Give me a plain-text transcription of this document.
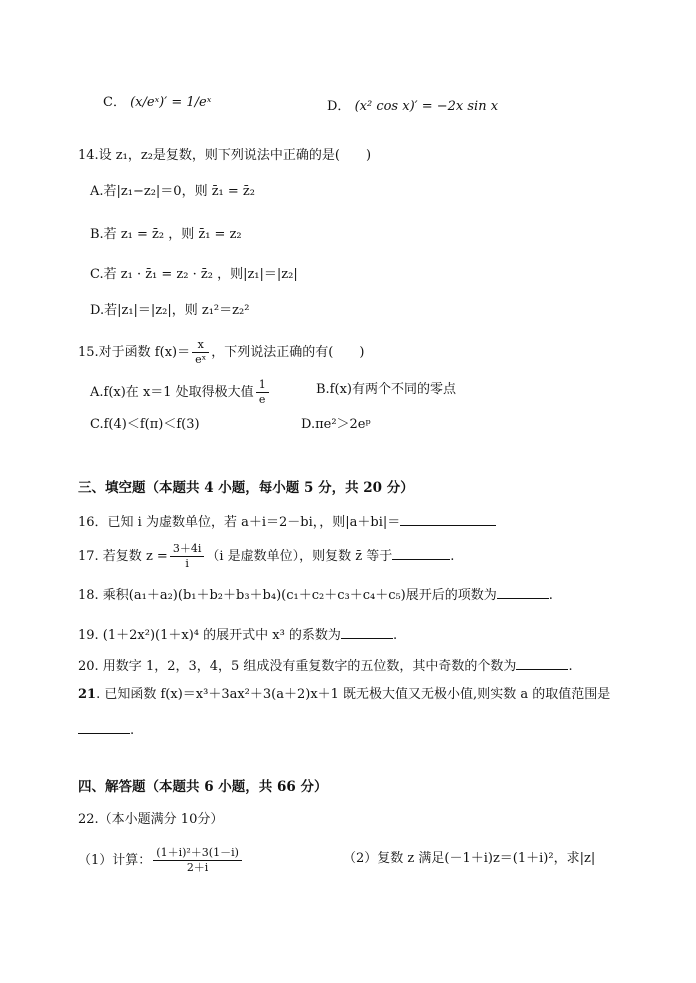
C． (x/eˣ)′ = 1/eˣ	D． (x² cos x)′ = −2x sin x
14.设 z₁，z₂是复数，则下列说法中正确的是(　　)
A.若|z₁−z₂|＝0，则 z̄₁ = z̄₂
B.若 z₁ = z̄₂ ，则 z̄₁ = z₂
C.若 z₁ · z̄₁ = z₂ · z̄₂ ，则|z₁|＝|z₂|
D.若|z₁|＝|z₂|，则 z₁²＝z₂²
15.对于函数 $f(x)= \frac{x}{\text{eˣ}}$ ，下列说法正确的有(　　)
A.f(x)在 x＝1 处取得极大值 $\frac{1}{e}$	B.f(x)有两个不同的零点
C.f(4)＜f(π)＜f(3)	D.πe²＞2eᵖ
三、填空题（本题共 4 小题，每小题 5 分，共 20 分）
16．已知 i 为虚数单位，若 a＋i＝2－bi，，则|a＋bi|＝
17. 若复数 $z = \frac{3+4i}{i} (i$ 是虚数单位），则复数 z̄ 等于	.
18. 乘积(a₁＋a₂)(b₁＋b₂＋b₃＋b₄)(c₁＋c₂＋c₃＋c₄＋c₅)展开后的项数为	.
19. (1＋2x²)(1＋x)⁴ 的展开式中 x³ 的系数为	.
20. 用数字 1，2，3，4，5 组成没有重复数字的五位数，其中奇数的个数为	.
21. 已知函数 f(x)＝x³＋3ax²＋3(a＋2)x＋1 既无极大值又无极小值,则实数 a 的取值范围是
.
四、解答题（本题共 6 小题，共 66 分）
22.（本小题满分 10分）
（1）计算： $\frac{\text{(1＋i)²＋3(1－i)}}{2+i}$	（2）复数 z 满足(－1＋i)z＝(1＋i)²，求|z|
